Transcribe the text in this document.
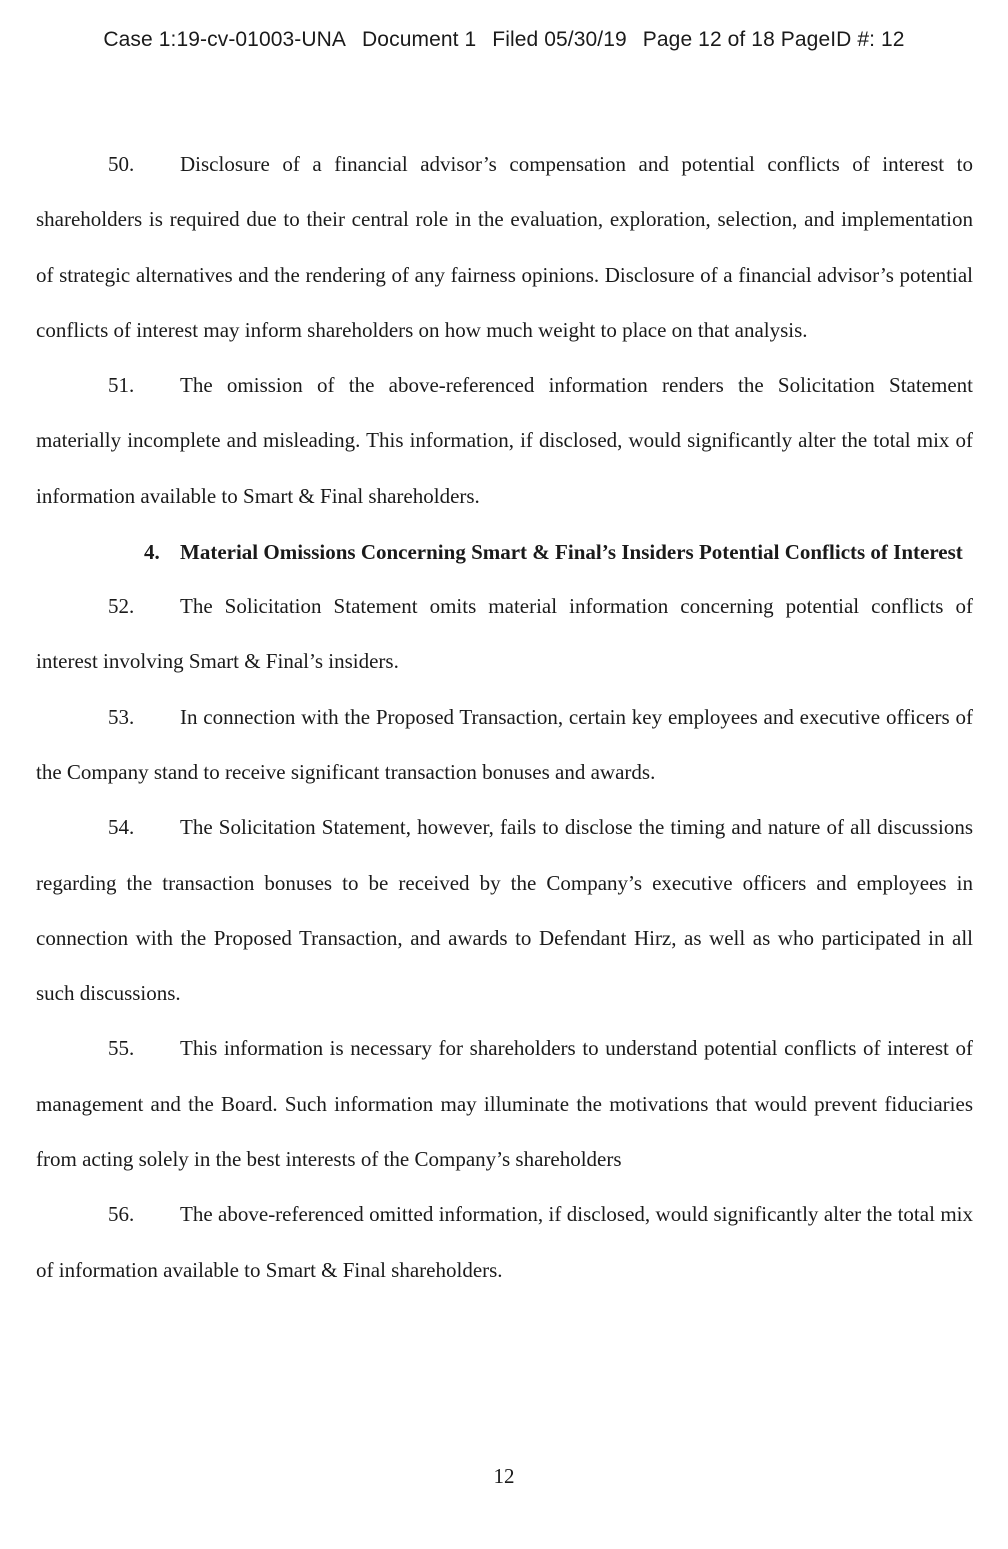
Case 1:19-cv-01003-UNA Document 1 Filed 05/30/19 Page 12 of 18 PageID #: 12

50. Disclosure of a financial advisor’s compensation and potential conflicts of interest to shareholders is required due to their central role in the evaluation, exploration, selection, and implementation of strategic alternatives and the rendering of any fairness opinions. Disclosure of a financial advisor’s potential conflicts of interest may inform shareholders on how much weight to place on that analysis.

51. The omission of the above-referenced information renders the Solicitation Statement materially incomplete and misleading. This information, if disclosed, would significantly alter the total mix of information available to Smart & Final shareholders.

4. Material Omissions Concerning Smart & Final’s Insiders Potential Conflicts of Interest

52. The Solicitation Statement omits material information concerning potential conflicts of interest involving Smart & Final’s insiders.

53. In connection with the Proposed Transaction, certain key employees and executive officers of the Company stand to receive significant transaction bonuses and awards.

54. The Solicitation Statement, however, fails to disclose the timing and nature of all discussions regarding the transaction bonuses to be received by the Company’s executive officers and employees in connection with the Proposed Transaction, and awards to Defendant Hirz, as well as who participated in all such discussions.

55. This information is necessary for shareholders to understand potential conflicts of interest of management and the Board. Such information may illuminate the motivations that would prevent fiduciaries from acting solely in the best interests of the Company’s shareholders

56. The above-referenced omitted information, if disclosed, would significantly alter the total mix of information available to Smart & Final shareholders.

12
